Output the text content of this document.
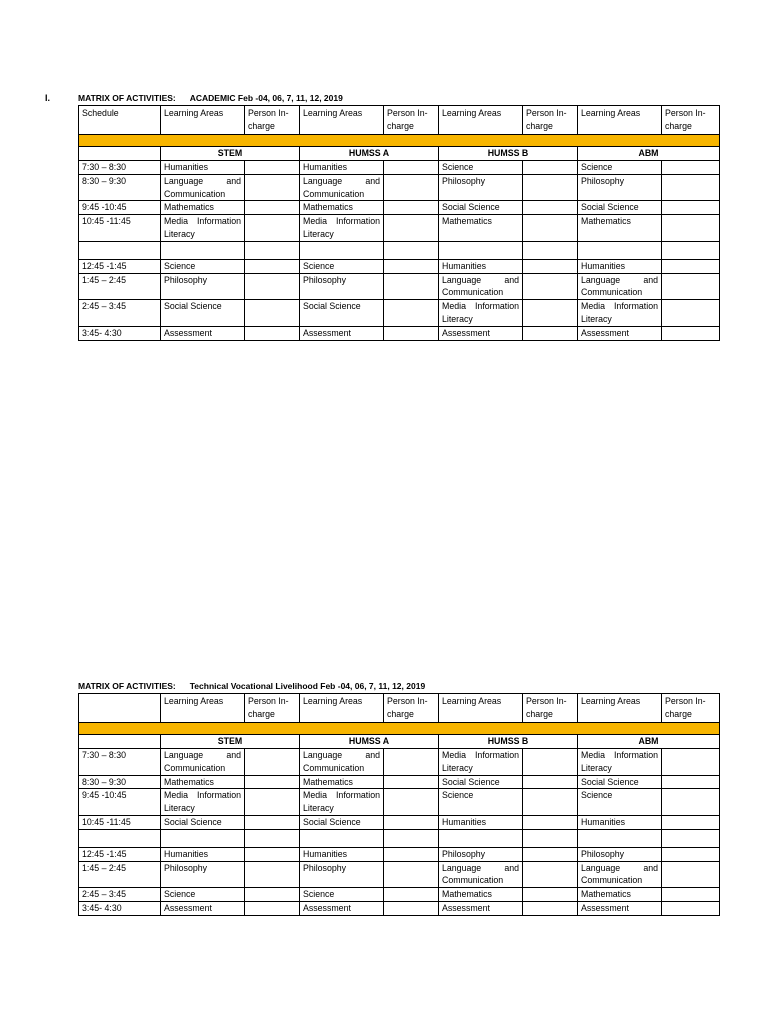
I.	MATRIX OF ACTIVITIES: ACADEMIC Feb -04, 06, 7, 11, 12, 2019
Schedule	Learning Areas	Person In-charge	Learning Areas	Person In-charge	Learning Areas	Person In-charge	Learning Areas	Person In-charge

	STEM		HUMSS A		HUMSS B		ABM	
7:30 – 8:30	Humanities		Humanities		Science		Science	
8:30 – 9:30	Language and Communication		Language and Communication		Philosophy		Philosophy	
9:45 -10:45	Mathematics		Mathematics		Social Science		Social Science	
10:45 -11:45	Media Information Literacy		Media Information Literacy		Mathematics		Mathematics	

12:45 -1:45	Science		Science		Humanities		Humanities	
1:45 – 2:45	Philosophy		Philosophy		Language and Communication		Language and Communication	
2:45 – 3:45	Social Science		Social Science		Media Information Literacy		Media Information Literacy	
3:45- 4:30	Assessment		Assessment		Assessment		Assessment	
MATRIX OF ACTIVITIES: Technical Vocational Livelihood Feb -04, 06, 7, 11, 12, 2019
	Learning Areas	Person In-charge	Learning Areas	Person In-charge	Learning Areas	Person In-charge	Learning Areas	Person In-charge

	STEM		HUMSS A		HUMSS B		ABM	
7:30 – 8:30	Language and Communication		Language and Communication		Media Information Literacy		Media Information Literacy	
8:30 – 9:30	Mathematics		Mathematics		Social Science		Social Science	
9:45 -10:45	Media Information Literacy		Media Information Literacy		Science		Science	
10:45 -11:45	Social Science		Social Science		Humanities		Humanities	

12:45 -1:45	Humanities		Humanities		Philosophy		Philosophy	
1:45 – 2:45	Philosophy		Philosophy		Language and Communication		Language and Communication	
2:45 – 3:45	Science		Science		Mathematics		Mathematics	
3:45- 4:30	Assessment		Assessment		Assessment		Assessment	
